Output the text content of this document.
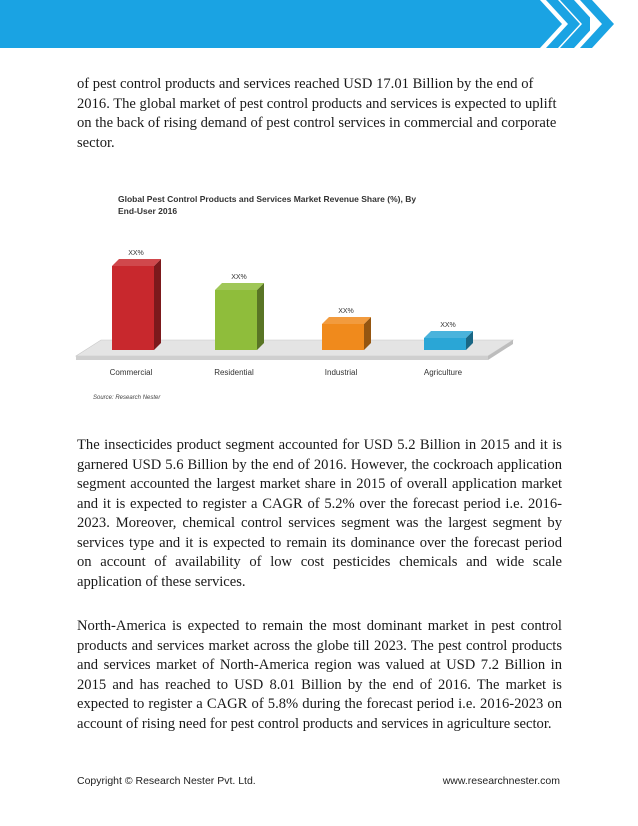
of pest control products and services reached USD 17.01 Billion by the end of 2016. The global market of pest control products and services is expected to uplift on the back of rising demand of pest control services in commercial and corporate sector.

Global Pest Control Products and Services Market Revenue Share (%), By End-User 2016
XX%
Commercial
XX%
Residential
XX%
Industrial
XX%
Agriculture
Source: Research Nester

The insecticides product segment accounted for USD 5.2 Billion in 2015 and it is garnered USD 5.6 Billion by the end of 2016. However, the cockroach application segment accounted the largest market share in 2015 of overall application market and it is expected to register a CAGR of 5.2% over the forecast period i.e. 2016-2023. Moreover, chemical control services segment was the largest segment by services type and it is expected to remain its dominance over the forecast period on account of availability of low cost pesticides chemicals and wide scale application of these services.

North-America is expected to remain the most dominant market in pest control products and services market across the globe till 2023. The pest control products and services market of North-America region was valued at USD 7.2 Billion in 2015 and has reached to USD 8.01 Billion by the end of 2016. The market is expected to register a CAGR of 5.8% during the forecast period i.e. 2016-2023 on account of rising need for pest control products and services in agriculture sector.

Copyright © Research Nester Pvt. Ltd.	www.researchnester.com
